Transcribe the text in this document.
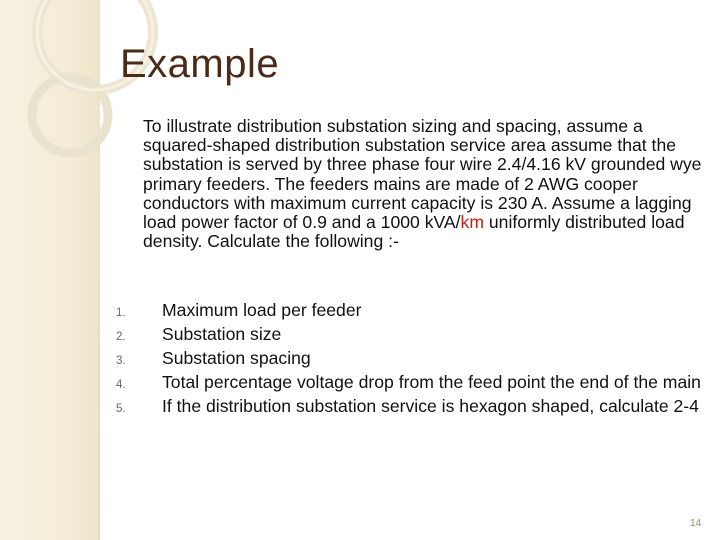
Example
To illustrate distribution substation sizing and spacing, assume a squared-shaped distribution substation service area assume that the substation is served by three phase four wire 2.4/4.16 kV grounded wye primary feeders. The feeders mains are made of 2 AWG cooper conductors with maximum current capacity is 230 A. Assume a lagging load power factor of 0.9 and a 1000 kVA/km uniformly distributed load density. Calculate the following :-
1. Maximum load per feeder
2. Substation size
3. Substation spacing
4. Total percentage voltage drop from the feed point the end of the main
5. If the distribution substation service is hexagon shaped, calculate 2-4
14
